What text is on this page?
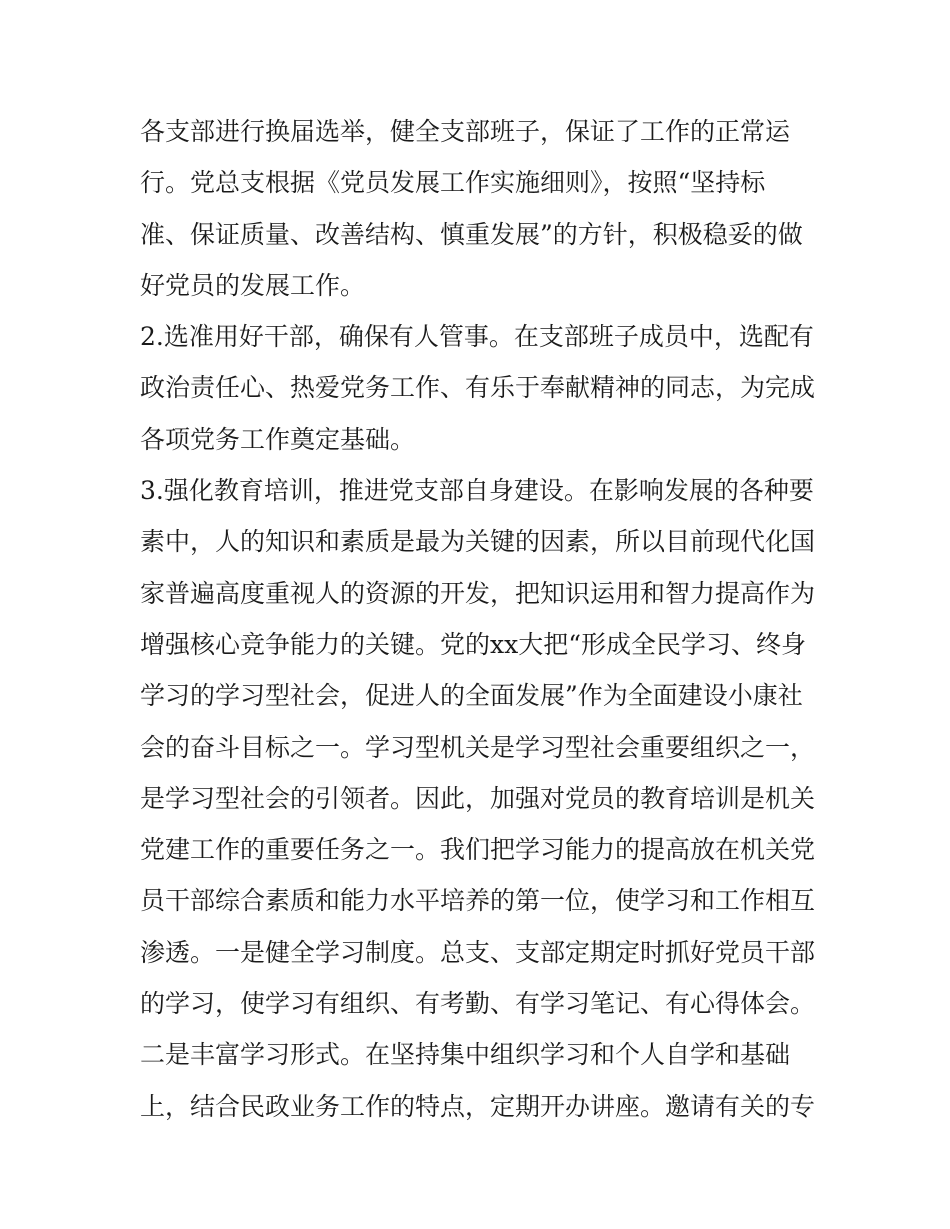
各支部进行换届选举，健全支部班子，保证了工作的正常运
行。党总支根据《党员发展工作实施细则》，按照“坚持标
准、保证质量、改善结构、慎重发展”的方针，积极稳妥的做
好党员的发展工作。
2.选准用好干部，确保有人管事。在支部班子成员中，选配有
政治责任心、热爱党务工作、有乐于奉献精神的同志，为完成
各项党务工作奠定基础。
3.强化教育培训，推进党支部自身建设。在影响发展的各种要
素中，人的知识和素质是最为关键的因素，所以目前现代化国
家普遍高度重视人的资源的开发，把知识运用和智力提高作为
增强核心竞争能力的关键。党的xx大把“形成全民学习、终身
学习的学习型社会，促进人的全面发展”作为全面建设小康社
会的奋斗目标之一。学习型机关是学习型社会重要组织之一，
是学习型社会的引领者。因此，加强对党员的教育培训是机关
党建工作的重要任务之一。我们把学习能力的提高放在机关党
员干部综合素质和能力水平培养的第一位，使学习和工作相互
渗透。一是健全学习制度。总支、支部定期定时抓好党员干部
的学习，使学习有组织、有考勤、有学习笔记、有心得体会。
二是丰富学习形式。在坚持集中组织学习和个人自学和基础
上，结合民政业务工作的特点，定期开办讲座。邀请有关的专
